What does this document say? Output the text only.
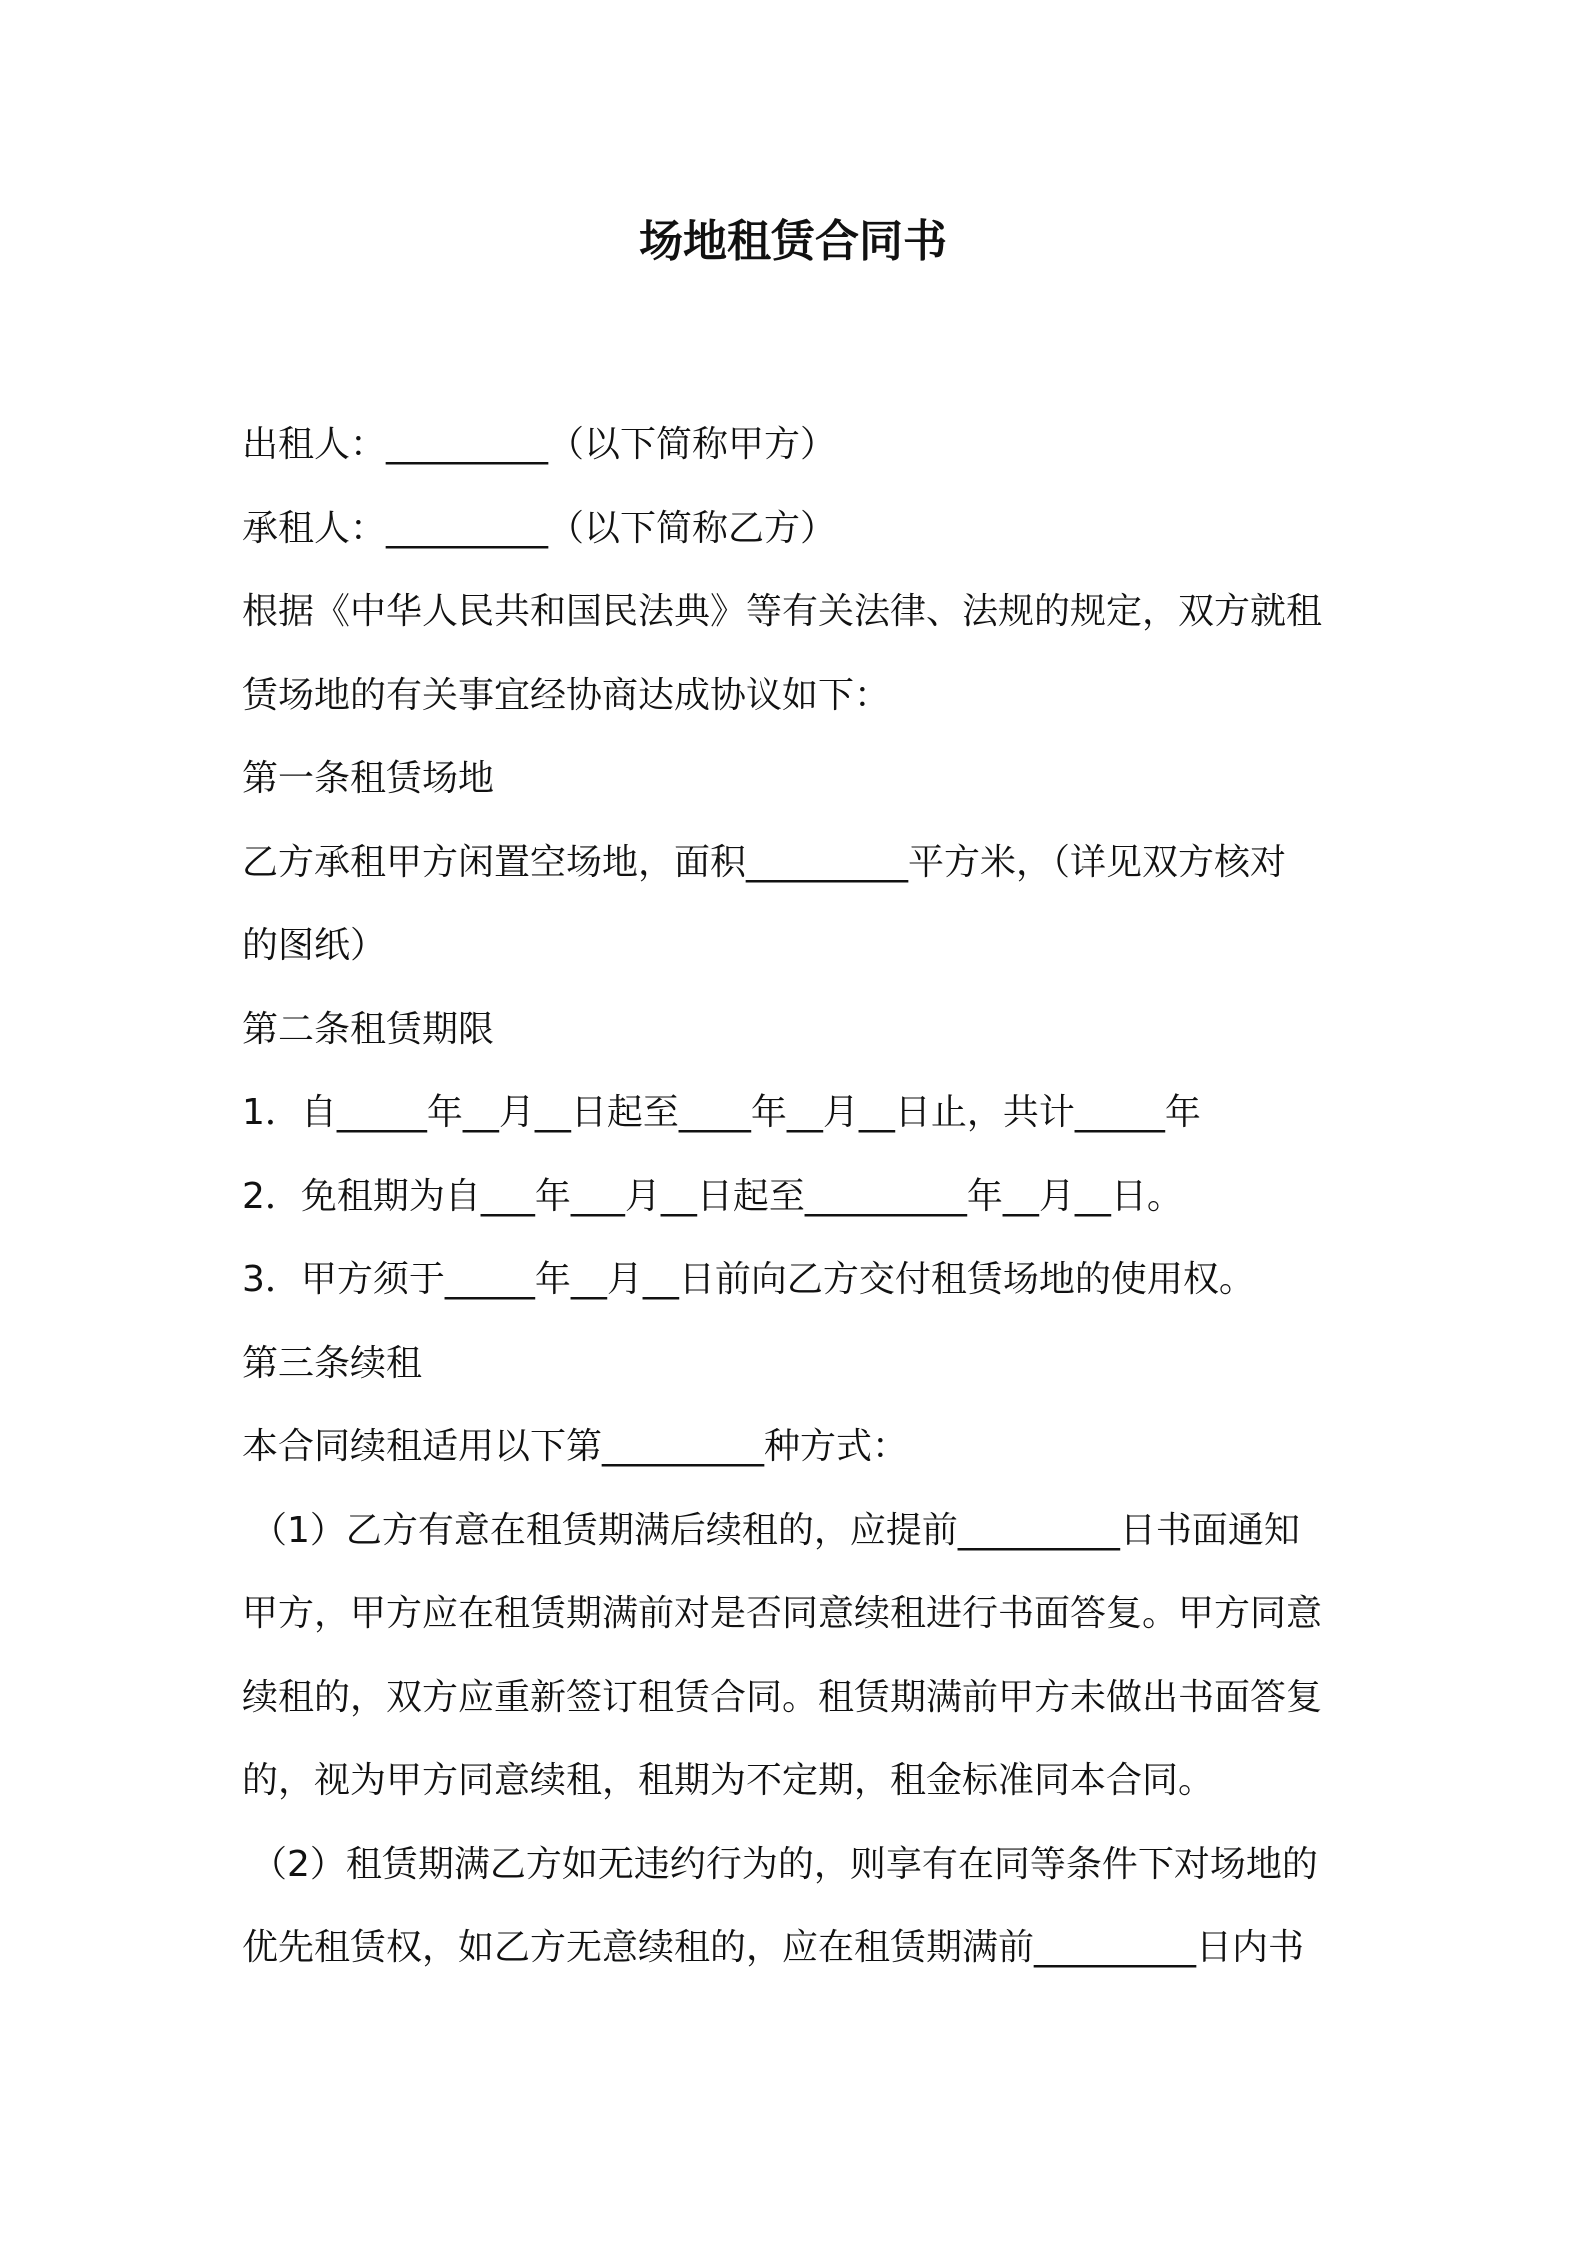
场地租赁合同书
出租人：_________（以下简称甲方）
承租人：_________（以下简称乙方）
根据《中华人民共和国民法典》等有关法律、法规的规定，双方就租
赁场地的有关事宜经协商达成协议如下：
第一条租赁场地
乙方承租甲方闲置空场地，面积_________平方米，（详见双方核对
的图纸）
第二条租赁期限
1．自_____年__月__日起至____年__月__日止，共计_____年
2．免租期为自___年___月__日起至_________年__月__日。
3．甲方须于_____年__月__日前向乙方交付租赁场地的使用权。
第三条续租
本合同续租适用以下第_________种方式：
（1）乙方有意在租赁期满后续租的，应提前_________日书面通知
甲方，甲方应在租赁期满前对是否同意续租进行书面答复。甲方同意
续租的，双方应重新签订租赁合同。租赁期满前甲方未做出书面答复
的，视为甲方同意续租，租期为不定期，租金标准同本合同。
（2）租赁期满乙方如无违约行为的，则享有在同等条件下对场地的
优先租赁权，如乙方无意续租的，应在租赁期满前_________日内书
